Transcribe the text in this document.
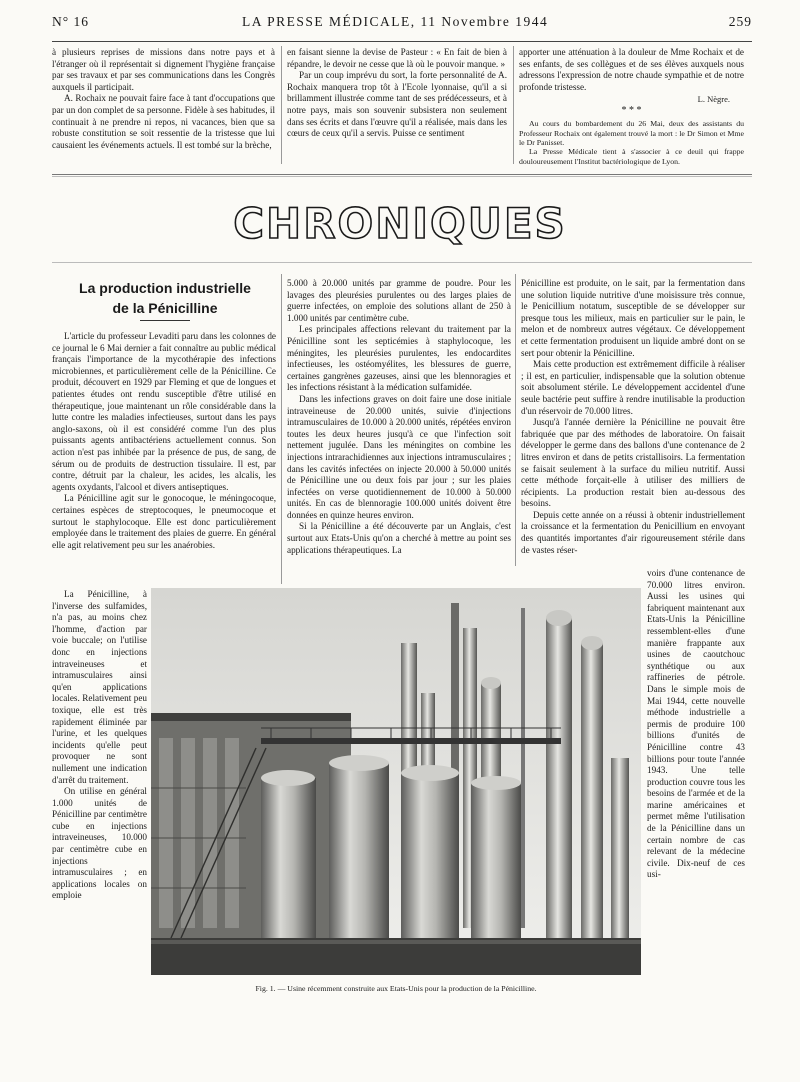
N° 16	LA PRESSE MÉDICALE, 11 Novembre 1944	259

à plusieurs reprises de missions dans notre pays et à l'étranger où il représentait si dignement l'hygiène française par ses travaux et par ses communications dans les Congrès auxquels il participait.

A. Rochaix ne pouvait faire face à tant d'occupations que par un don complet de sa personne. Fidèle à ses habitudes, il continuait à ne prendre ni repos, ni vacances, bien que sa robuste constitution se soit ressentie de la tristesse que lui causaient les événements actuels. Il est tombé sur la brèche,

en faisant sienne la devise de Pasteur : « En fait de bien à répandre, le devoir ne cesse que là où le pouvoir manque. »

Par un coup imprévu du sort, la forte personnalité de A. Rochaix manquera trop tôt à l'Ecole lyonnaise, qu'il a si brillamment illustrée comme tant de ses prédécesseurs, et à notre pays, mais son souvenir subsistera non seulement dans ses écrits et dans l'œuvre qu'il a réalisée, mais dans les cœurs de ceux qu'il a servis. Puisse ce sentiment

apporter une atténuation à la douleur de Mme Rochaix et de ses enfants, de ses collègues et de ses élèves auxquels nous adressons l'expression de notre chaude sympathie et de notre profonde tristesse.

L. Nègre.
* * *

Au cours du bombardement du 26 Mai, deux des assistants du Professeur Rochaix ont également trouvé la mort : le Dr Simon et Mme le Dr Panisset.

La Presse Médicale tient à s'associer à ce deuil qui frappe douloureusement l'Institut bactériologique de Lyon.

CHRONIQUES
La production industrielle
de la Pénicilline

L'article du professeur Levaditi paru dans les colonnes de ce journal le 6 Mai dernier a fait connaître au public médical français l'importance de la mycothérapie des infections microbiennes, et particulièrement celle de la Pénicilline. Ce produit, découvert en 1929 par Fleming et que de longues et patientes études ont rendu susceptible d'être utilisé en thérapeutique, joue maintenant un rôle considérable dans la lutte contre les maladies infectieuses, surtout dans les pays anglo-saxons, où il est considéré comme l'un des plus puissants agents antibactériens actuellement connus. Son action n'est pas inhibée par la présence de pus, de sang, de sérum ou de produits de destruction tissulaire. Il est, par contre, détruit par la chaleur, les acides, les alcalis, les agents oxydants, l'alcool et divers antiseptiques.

La Pénicilline agit sur le gonocoque, le méningocoque, certaines espèces de streptocoques, le pneumocoque et surtout le staphylocoque. Elle est donc particulièrement employée dans le traitement des plaies de guerre. En général elle agit relativement peu sur les anaérobies.

La Pénicilline, à l'inverse des sulfamides, n'a pas, au moins chez l'homme, d'action par voie buccale; on l'utilise donc en injections intraveineuses et intramusculaires ainsi qu'en applications locales. Relativement peu toxique, elle est très rapidement éliminée par l'urine, et les quelques incidents qu'elle peut provoquer ne sont nullement une indication d'arrêt du traitement.

On utilise en général 1.000 unités de Pénicilline par centimètre cube en injections intraveineuses, 10.000 par centimètre cube en injections intramusculaires ; en applications locales on emploie

5.000 à 20.000 unités par gramme de poudre. Pour les lavages des pleurésies purulentes ou des larges plaies de guerre infectées, on emploie des solutions allant de 250 à 1.000 unités par centimètre cube.

Les principales affections relevant du traitement par la Pénicilline sont les septicémies à staphylocoque, les méningites, les pleurésies purulentes, les endocardites infectieuses, les ostéomyélites, les blessures de guerre, certaines gangrènes gazeuses, ainsi que les blennoragies et les infections résistant à la médication sulfamidée.

Dans les infections graves on doit faire une dose initiale intraveineuse de 20.000 unités, suivie d'injections intramusculaires de 10.000 à 20.000 unités, répétées environ toutes les deux heures jusqu'à ce que l'infection soit nettement jugulée. Dans les méningites on combine les injections intrarachidiennes aux injections intramusculaires ; dans les cavités infectées on injecte 20.000 à 50.000 unités de Pénicilline une ou deux fois par jour ; sur les plaies infectées on verse quotidiennement de 10.000 à 50.000 unités. En cas de blennoragie 100.000 unités doivent être données en quinze heures environ.

Si la Pénicilline a été découverte par un Anglais, c'est surtout aux Etats-Unis qu'on a cherché à mettre au point ses applications thérapeutiques. La

Pénicilline est produite, on le sait, par la fermentation dans une solution liquide nutritive d'une moisissure très connue, le Penicillium notatum, susceptible de se développer sur presque tous les milieux, mais en particulier sur le pain, le melon et de nombreux autres végétaux. Ce développement et cette fermentation produisent un liquide ambré dont on se sert pour obtenir la Pénicilline.

Mais cette production est extrêmement difficile à réaliser ; il est, en particulier, indispensable que la solution obtenue soit absolument stérile. Le développement accidentel d'une seule bactérie peut suffire à rendre inutilisable la production d'un réservoir de 70.000 litres.

Jusqu'à l'année dernière la Pénicilline ne pouvait être fabriquée que par des méthodes de laboratoire. On faisait développer le germe dans des ballons d'une contenance de 2 litres environ et dans de petits cristallisoirs. La fermentation se faisait seulement à la surface du milieu nutritif. Aussi cette méthode forçait-elle à utiliser des milliers de récipients. La production restait bien au-dessous des besoins.

Depuis cette année on a réussi à obtenir industriellement la croissance et la fermentation du Penicillium en envoyant des quantités importantes d'air rigoureusement stérile dans de vastes réser-

voirs d'une contenance de 70.000 litres environ. Aussi les usines qui fabriquent maintenant aux Etats-Unis la Pénicilline ressemblent-elles d'une manière frappante aux usines de caoutchouc synthétique ou aux raffineries de pétrole. Dans le simple mois de Mai 1944, cette nouvelle méthode industrielle a permis de produire 100 billions d'unités de Pénicilline contre 43 billions pour toute l'année 1943. Une telle production couvre tous les besoins de l'armée et de la marine américaines et permet même l'utilisation de la Pénicilline dans un certain nombre de cas relevant de la médecine civile. Dix-neuf de ces usi-

Fig. 1. — Usine récemment construite aux Etats-Unis pour la production de la Pénicilline.
